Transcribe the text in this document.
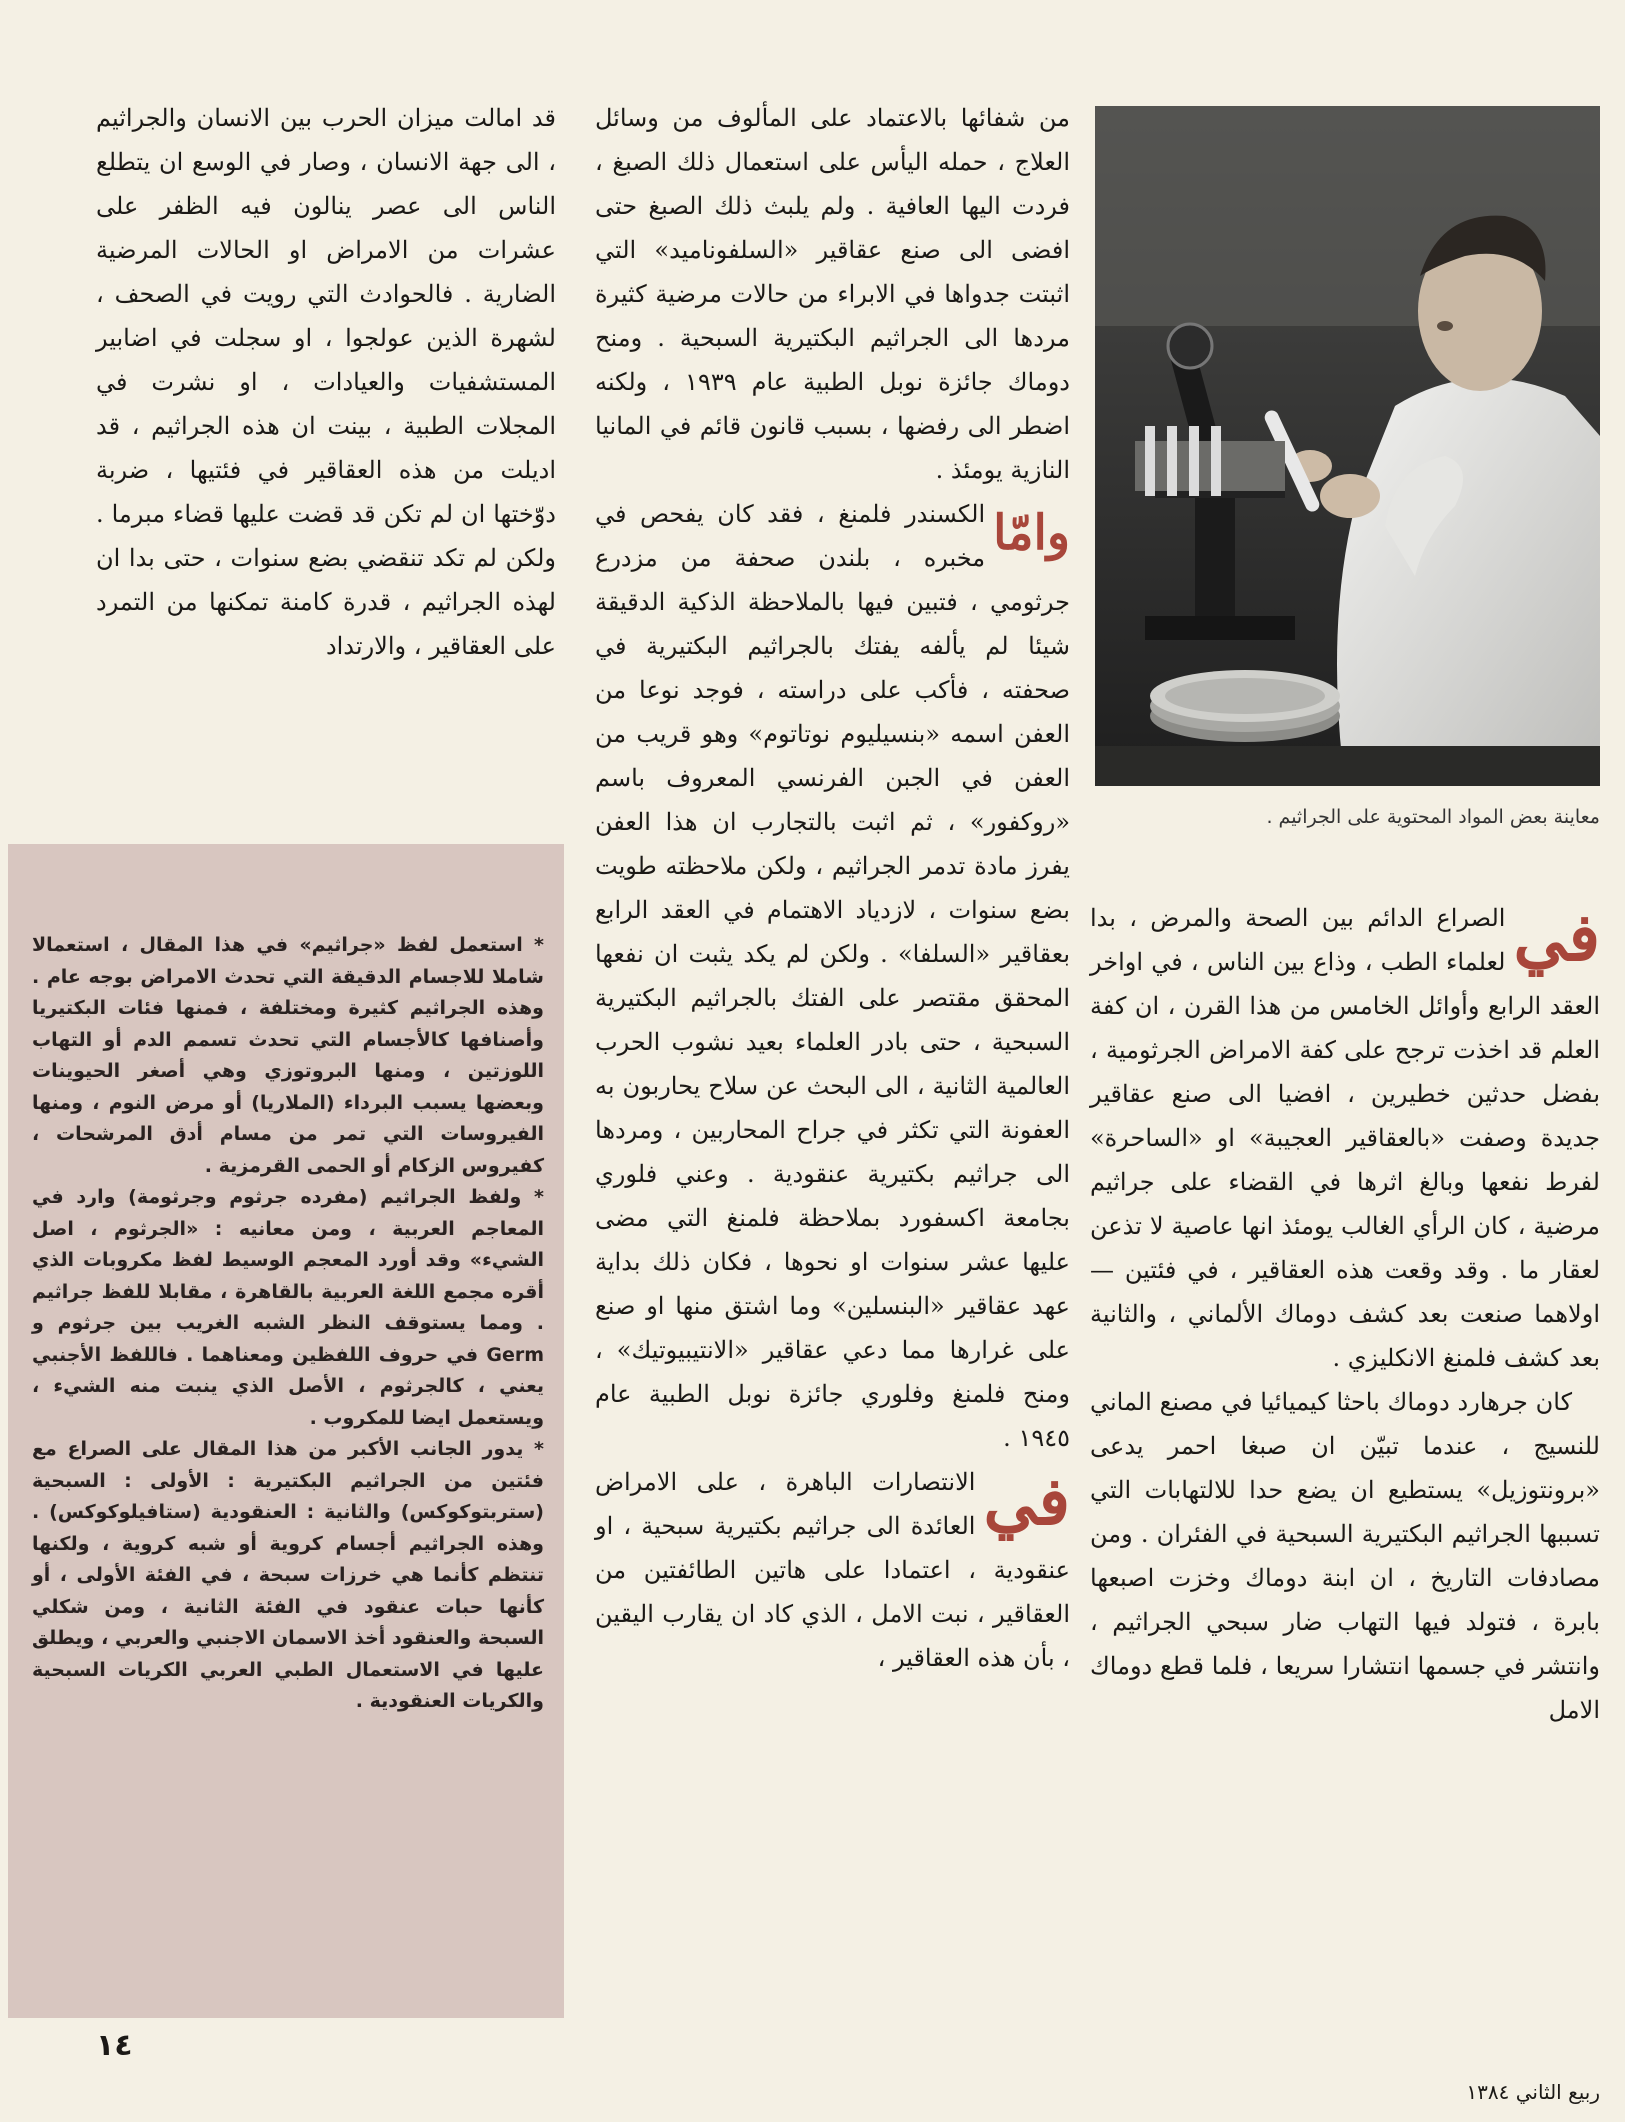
معاينة بعض المواد المحتوية على الجراثيم .

في
الصراع الدائم بين الصحة والمرض ، بدا لعلماء الطب ، وذاع بين الناس ، في اواخر العقد الرابع وأوائل الخامس من هذا القرن ، ان كفة العلم قد اخذت ترجح على كفة الامراض الجرثومية ، بفضل حدثين خطيرين ، افضيا الى صنع عقاقير جديدة وصفت «بالعقاقير العجيبة» او «الساحرة» لفرط نفعها وبالغ اثرها في القضاء على جراثيم مرضية ، كان الرأي الغالب يومئذ انها عاصية لا تذعن لعقار ما . وقد وقعت هذه العقاقير ، في فئتين — اولاهما صنعت بعد كشف دوماك الألماني ، والثانية بعد كشف فلمنغ الانكليزي .

كان جرهارد دوماك باحثا كيميائيا في مصنع الماني للنسيج ، عندما تبيّن ان صبغا احمر يدعى «برونتوزيل» يستطيع ان يضع حدا للالتهابات التي تسببها الجراثيم البكتيرية السبحية في الفئران . ومن مصادفات التاريخ ، ان ابنة دوماك وخزت اصبعها بابرة ، فتولد فيها التهاب ضار سبحي الجراثيم ، وانتشر في جسمها انتشارا سريعا ، فلما قطع دوماك الامل

من شفائها بالاعتماد على المألوف من وسائل العلاج ، حمله اليأس على استعمال ذلك الصبغ ، فردت اليها العافية . ولم يلبث ذلك الصبغ حتى افضى الى صنع عقاقير «السلفوناميد» التي اثبتت جدواها في الابراء من حالات مرضية كثيرة مردها الى الجراثيم البكتيرية السبحية . ومنح دوماك جائزة نوبل الطبية عام ١٩٣٩ ، ولكنه اضطر الى رفضها ، بسبب قانون قائم في المانيا النازية يومئذ .

وامّا
الكسندر فلمنغ ، فقد كان يفحص في مخبره ، بلندن صحفة من مزدرع جرثومي ، فتبين فيها بالملاحظة الذكية الدقيقة شيئا لم يألفه يفتك بالجراثيم البكتيرية في صحفته ، فأكب على دراسته ، فوجد نوعا من العفن اسمه «بنسيليوم نوتاتوم» وهو قريب من العفن في الجبن الفرنسي المعروف باسم «روكفور» ، ثم اثبت بالتجارب ان هذا العفن يفرز مادة تدمر الجراثيم ، ولكن ملاحظته طويت بضع سنوات ، لازدياد الاهتمام في العقد الرابع بعقاقير «السلفا» . ولكن لم يكد يثبت ان نفعها المحقق مقتصر على الفتك بالجراثيم البكتيرية السبحية ، حتى بادر العلماء بعيد نشوب الحرب العالمية الثانية ، الى البحث عن سلاح يحاربون به العفونة التي تكثر في جراح المحاربين ، ومردها الى جراثيم بكتيرية عنقودية . وعني فلوري بجامعة اكسفورد بملاحظة فلمنغ التي مضى عليها عشر سنوات او نحوها ، فكان ذلك بداية عهد عقاقير «البنسلين» وما اشتق منها او صنع على غرارها مما دعي عقاقير «الانتيبيوتيك» ، ومنح فلمنغ وفلوري جائزة نوبل الطبية عام ١٩٤٥ .

في
الانتصارات الباهرة ، على الامراض العائدة الى جراثيم بكتيرية سبحية ، او عنقودية ، اعتمادا على هاتين الطائفتين من العقاقير ، نبت الامل ، الذي كاد ان يقارب اليقين ، بأن هذه العقاقير ،

قد امالت ميزان الحرب بين الانسان والجراثيم ، الى جهة الانسان ، وصار في الوسع ان يتطلع الناس الى عصر ينالون فيه الظفر على عشرات من الامراض او الحالات المرضية الضارية . فالحوادث التي رويت في الصحف ، لشهرة الذين عولجوا ، او سجلت في اضابير المستشفيات والعيادات ، او نشرت في المجلات الطبية ، بينت ان هذه الجراثيم ، قد اديلت من هذه العقاقير في فئتيها ، ضربة دوّختها ان لم تكن قد قضت عليها قضاء مبرما . ولكن لم تكد تنقضي بضع سنوات ، حتى بدا ان لهذه الجراثيم ، قدرة كامنة تمكنها من التمرد على العقاقير ، والارتداد

* استعمل لفظ «جراثيم» في هذا المقال ، استعمالا شاملا للاجسام الدقيقة التي تحدث الامراض بوجه عام . وهذه الجراثيم كثيرة ومختلفة ، فمنها فئات البكتيريا وأصنافها كالأجسام التي تحدث تسمم الدم أو التهاب اللوزتين ، ومنها البروتوزي وهي أصغر الحيوينات وبعضها يسبب البرداء (الملاريا) أو مرض النوم ، ومنها الفيروسات التي تمر من مسام أدق المرشحات ، كفيروس الزكام أو الحمى القرمزية .

* ولفظ الجراثيم (مفرده جرثوم وجرثومة) وارد في المعاجم العربية ، ومن معانيه : «الجرثوم ، اصل الشيء» وقد أورد المعجم الوسيط لفظ مكروبات الذي أقره مجمع اللغة العربية بالقاهرة ، مقابلا للفظ جراثيم . ومما يستوقف النظر الشبه الغريب بين جرثوم و Germ في حروف اللفظين ومعناهما . فاللفظ الأجنبي يعني ، كالجرثوم ، الأصل الذي ينبت منه الشيء ، ويستعمل ايضا للمكروب .

* يدور الجانب الأكبر من هذا المقال على الصراع مع فئتين من الجراثيم البكتيرية : الأولى : السبحية (ستربتوكوكس) والثانية : العنقودية (ستافيلوكوكس) . وهذه الجراثيم أجسام كروية أو شبه كروية ، ولكنها تنتظم كأنما هي خرزات سبحة ، في الفئة الأولى ، أو كأنها حبات عنقود في الفئة الثانية ، ومن شكلي السبحة والعنقود أخذ الاسمان الاجنبي والعربي ، ويطلق عليها في الاستعمال الطبي العربي الكريات السبحية والكريات العنقودية .

١٤
ربيع الثاني ١٣٨٤
